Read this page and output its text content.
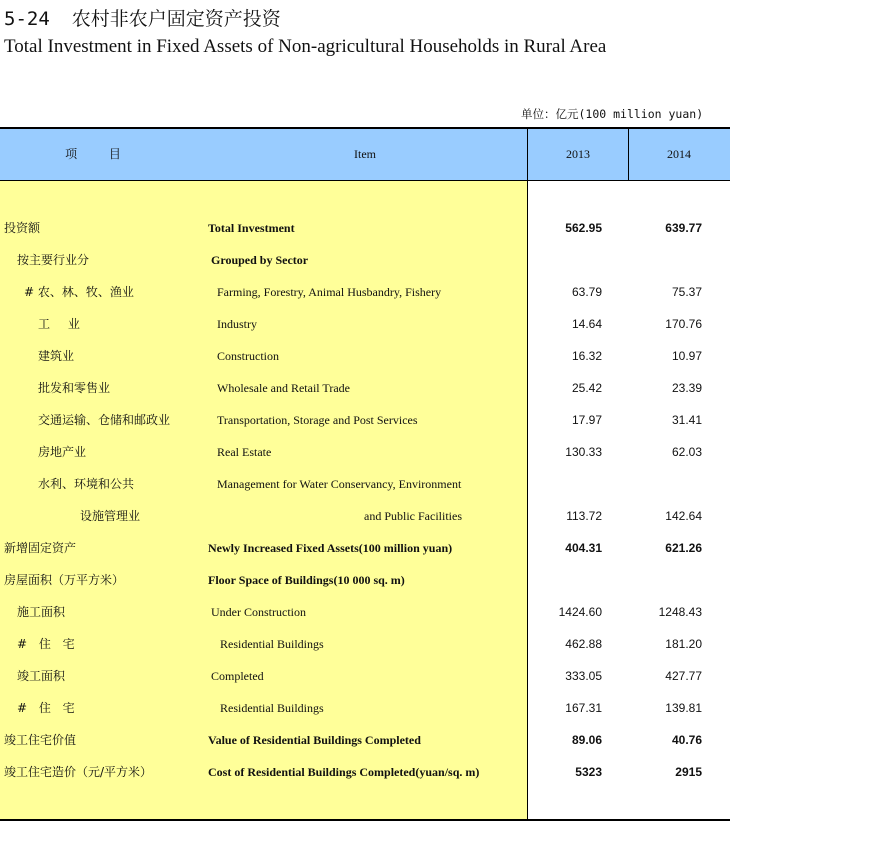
5-24 农村非农户固定资产投资
Total Investment in Fixed Assets of Non-agricultural Households in Rural Area
单位：亿元(100 million yuan)
项 目	Item	2013	2014
投资额	Total Investment	562.95	639.77
按主要行业分	Grouped by Sector
# 农、林、牧、渔业	Farming, Forestry, Animal Husbandry, Fishery	63.79	75.37
工 业	Industry	14.64	170.76
建筑业	Construction	16.32	10.97
批发和零售业	Wholesale and Retail Trade	25.42	23.39
交通运输、仓储和邮政业	Transportation, Storage and Post Services	17.97	31.41
房地产业	Real Estate	130.33	62.03
水利、环境和公共	Management for Water Conservancy, Environment
设施管理业	and Public Facilities	113.72	142.64
新增固定资产	Newly Increased Fixed Assets(100 million yuan)	404.31	621.26
房屋面积（万平方米）	Floor Space of Buildings(10 000 sq. m)
施工面积	Under Construction	1424.60	1248.43
# 住 宅	Residential Buildings	462.88	181.20
竣工面积	Completed	333.05	427.77
# 住 宅	Residential Buildings	167.31	139.81
竣工住宅价值	Value of Residential Buildings Completed	89.06	40.76
竣工住宅造价（元/平方米）	Cost of Residential Buildings Completed(yuan/sq. m)	5323	2915
